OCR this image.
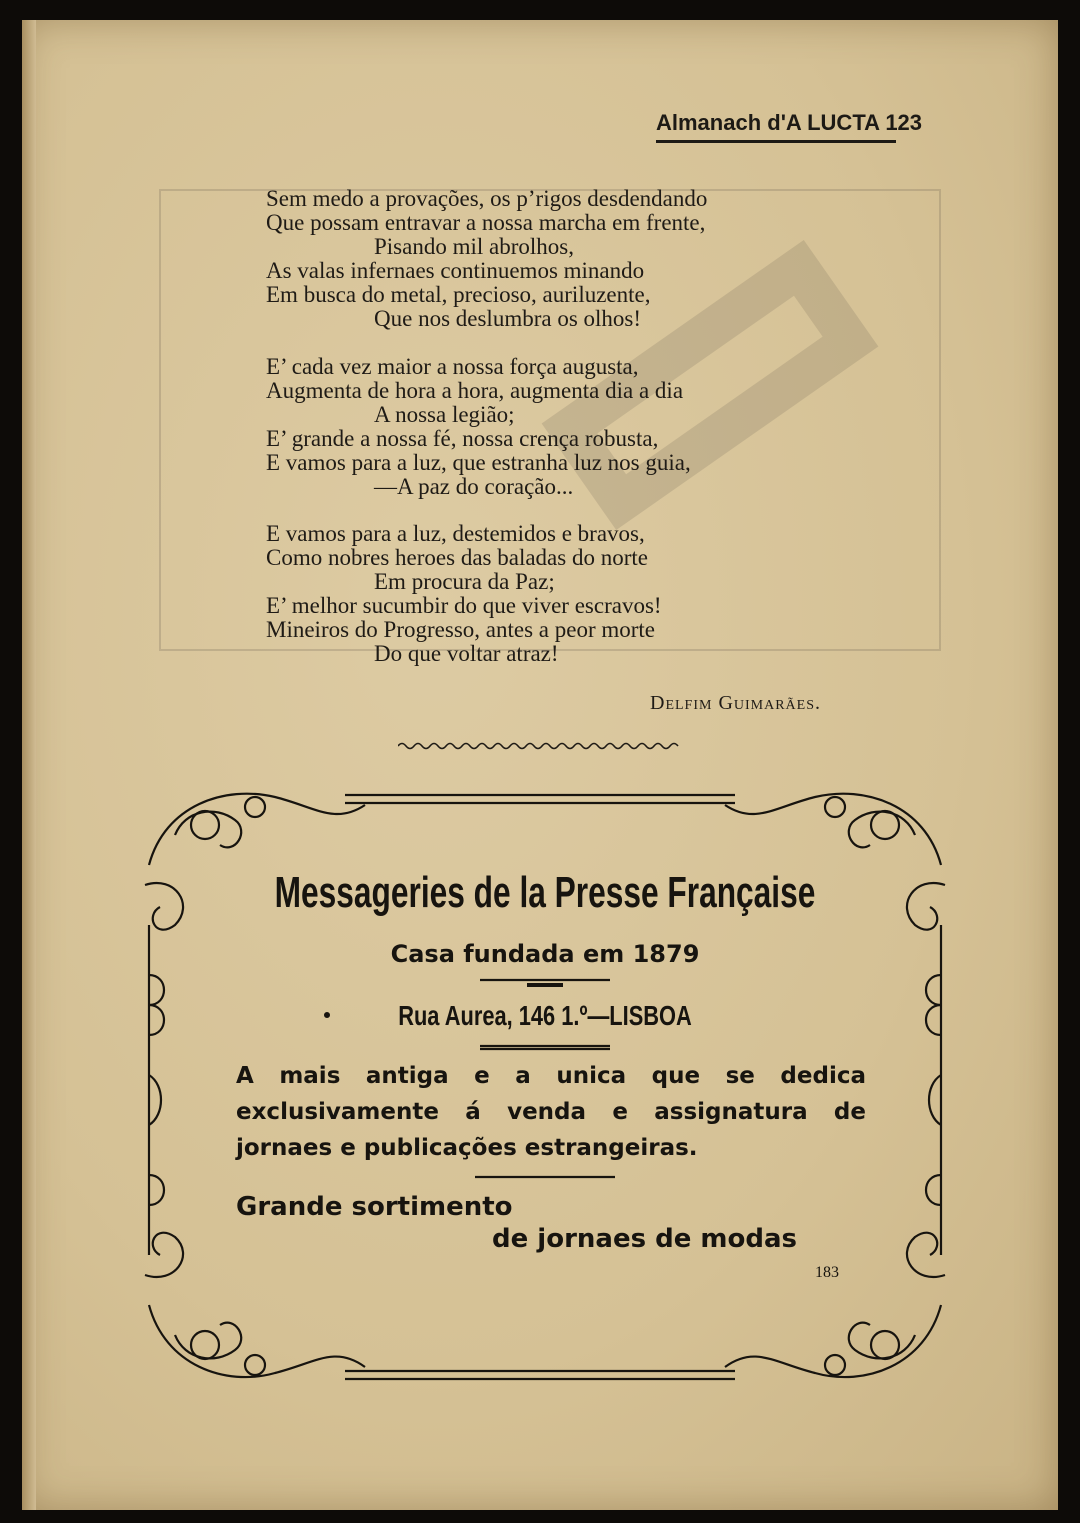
Almanach d'A LUCTA 123
Sem medo a provações, os p’rigos desdendando
Que possam entravar a nossa marcha em frente,
Pisando mil abrolhos,
As valas infernaes continuemos minando
Em busca do metal, precioso, auriluzente,
Que nos deslumbra os olhos!
E’ cada vez maior a nossa força augusta,
Augmenta de hora a hora, augmenta dia a dia
A nossa legião;
E’ grande a nossa fé, nossa crença robusta,
E vamos para a luz, que estranha luz nos guia,
—A paz do coração...
E vamos para a luz, destemidos e bravos,
Como nobres heroes das baladas do norte
Em procura da Paz;
E’ melhor sucumbir do que viver escravos!
Mineiros do Progresso, antes a peor morte
Do que voltar atraz!
Delfim Guimarães.
Messageries de la Presse Française
Casa fundada em 1879
Rua Aurea, 146 1.º—LISBOA
A mais antiga e a unica que se dedica exclusivamente á venda e assignatura de jornaes e publicações estrangeiras.
Grande sortimento
de jornaes de modas
183
